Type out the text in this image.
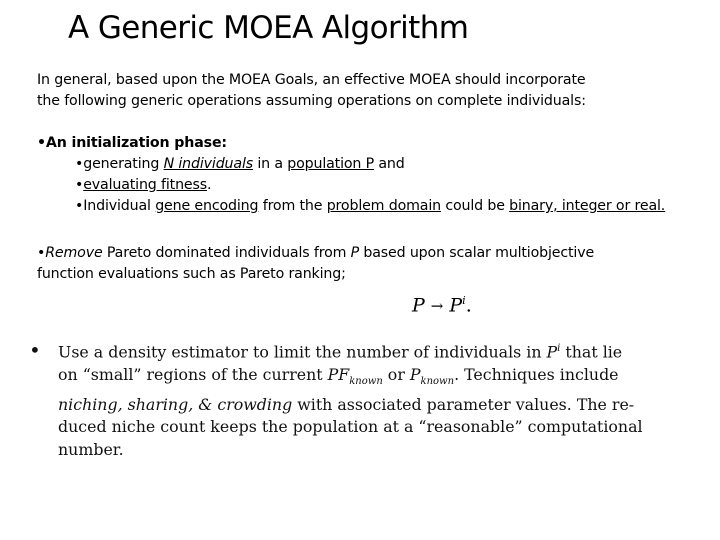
A Generic MOEA Algorithm
In general, based upon the MOEA Goals, an effective MOEA should incorporate
the following generic operations assuming operations on complete individuals:
•An initialization phase:
•generating N individuals in a population P and
•evaluating fitness.
•Individual gene encoding from the problem domain could be binary, integer or real.
•Remove Pareto dominated individuals from P based upon scalar multiobjective
function evaluations such as Pareto ranking;
$P \to P^i$.
• Use a density estimator to limit the number of individuals in $P^i$ that lie
on “small” regions of the current $PF_{known}$ or $P_{known}$. Techniques include
niching, sharing, & crowding with associated parameter values. The re-
duced niche count keeps the population at a “reasonable” computational
number.
